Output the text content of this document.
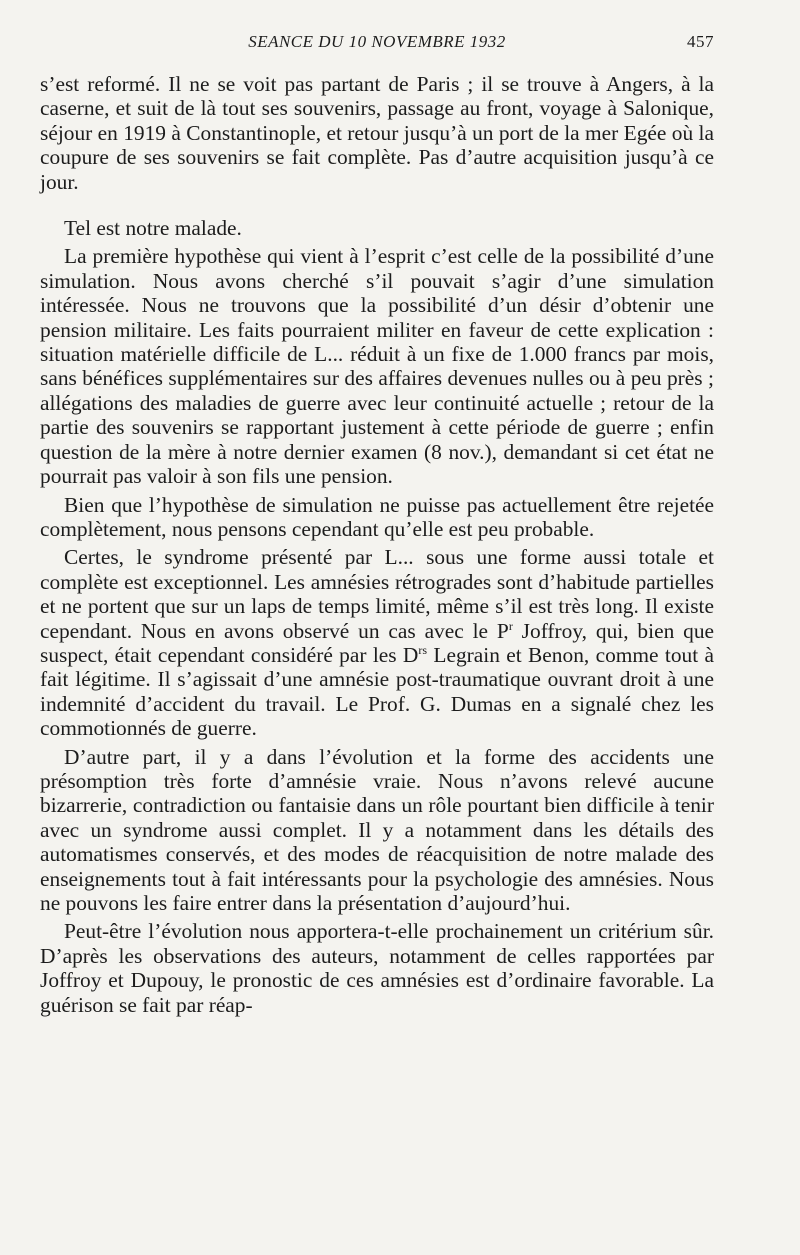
SEANCE DU 10 NOVEMBRE 1932	457

s’est reformé. Il ne se voit pas partant de Paris ; il se trouve à Angers, à la caserne, et suit de là tout ses souvenirs, passage au front, voyage à Salonique, séjour en 1919 à Constantinople, et retour jusqu’à un port de la mer Egée où la coupure de ses souvenirs se fait complète. Pas d’autre acquisition jusqu’à ce jour.

Tel est notre malade.

La première hypothèse qui vient à l’esprit c’est celle de la possibilité d’une simulation. Nous avons cherché s’il pouvait s’agir d’une simulation intéressée. Nous ne trouvons que la possibilité d’un désir d’obtenir une pension militaire. Les faits pourraient militer en faveur de cette explication : situation matérielle difficile de L... réduit à un fixe de 1.000 francs par mois, sans bénéfices supplémentaires sur des affaires devenues nulles ou à peu près ; allégations des maladies de guerre avec leur continuité actuelle ; retour de la partie des souvenirs se rapportant justement à cette période de guerre ; enfin question de la mère à notre dernier examen (8 nov.), demandant si cet état ne pourrait pas valoir à son fils une pension.

Bien que l’hypothèse de simulation ne puisse pas actuellement être rejetée complètement, nous pensons cependant qu’elle est peu probable.

Certes, le syndrome présenté par L... sous une forme aussi totale et complète est exceptionnel. Les amnésies rétrogrades sont d’habitude partielles et ne portent que sur un laps de temps limité, même s’il est très long. Il existe cependant. Nous en avons observé un cas avec le $P^r$ Joffroy, qui, bien que suspect, était cependant considéré par les $D^{rs}$ Legrain et Benon, comme tout à fait légitime. Il s’agissait d’une amnésie post-traumatique ouvrant droit à une indemnité d’accident du travail. Le Prof. G. Dumas en a signalé chez les commotionnés de guerre.

D’autre part, il y a dans l’évolution et la forme des accidents une présomption très forte d’amnésie vraie. Nous n’avons relevé aucune bizarrerie, contradiction ou fantaisie dans un rôle pourtant bien difficile à tenir avec un syndrome aussi complet. Il y a notamment dans les détails des automatismes conservés, et des modes de réacquisition de notre malade des enseignements tout à fait intéressants pour la psychologie des amnésies. Nous ne pouvons les faire entrer dans la présentation d’aujourd’hui.

Peut-être l’évolution nous apportera-t-elle prochainement un critérium sûr. D’après les observations des auteurs, notamment de celles rapportées par Joffroy et Dupouy, le pronostic de ces amnésies est d’ordinaire favorable. La guérison se fait par réap-
